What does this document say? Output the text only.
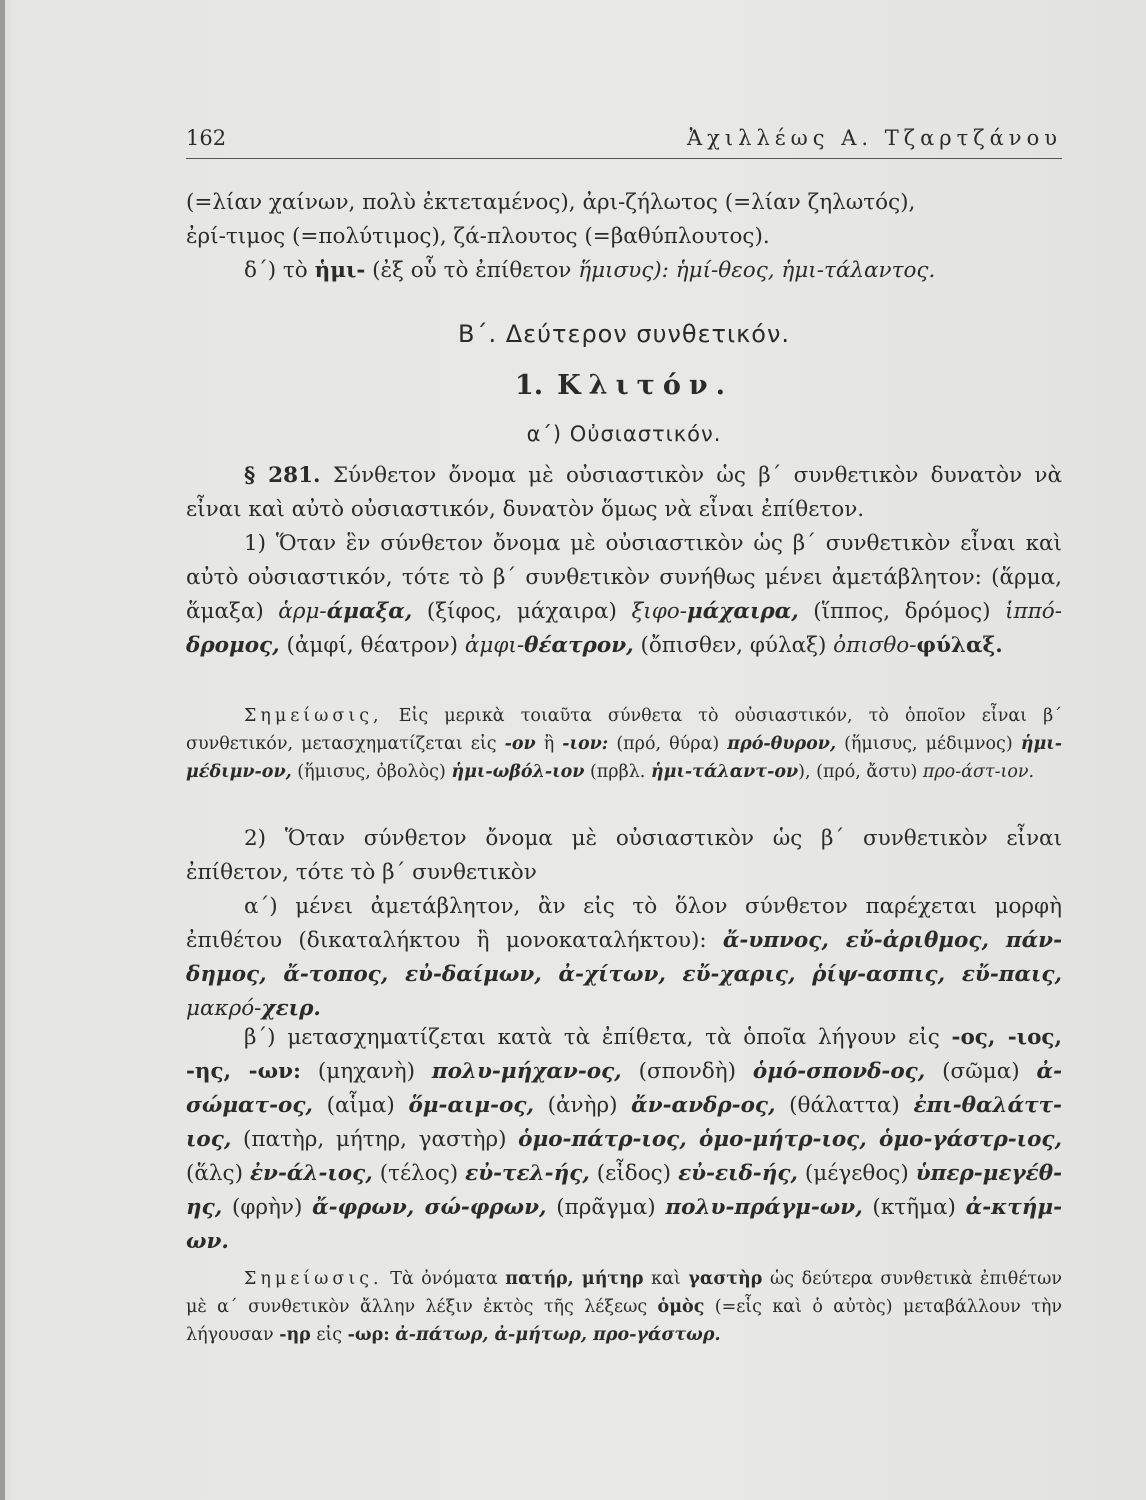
162	Ἀχιλλέως Α. Τζαρτζάνου
(=λίαν χαίνων, πολὺ ἐκτεταμένος), ἀρι-ζήλωτος (=λίαν ζηλωτός),
ἐρί-τιμος (=πολύτιμος), ζά-πλουτος (=βαθύπλουτος).
δ´) τὸ ἡμι- (ἐξ οὗ τὸ ἐπίθετον ἥμισυς): ἡμί-θεος, ἡμι-τάλαντος.
Β´. Δεύτερον συνθετικόν.
1. Κλιτόν.
α´) Οὐσιαστικόν.
§ 281. Σύνθετον ὄνομα μὲ οὐσιαστικὸν ὡς β´ συνθετικὸν δυνατὸν νὰ εἶναι καὶ αὐτὸ οὐσιαστικόν, δυνατὸν ὅμως νὰ εἶναι ἐπίθετον.
1) Ὅταν ἓν σύνθετον ὄνομα μὲ οὐσιαστικὸν ὡς β´ συνθετικὸν εἶναι καὶ αὐτὸ οὐσιαστικόν, τότε τὸ β´ συνθετικὸν συνήθως μένει ἀμετάβλητον: (ἅρμα, ἅμαξα) ἁρμ-άμαξα, (ξίφος, μάχαιρα) ξιφο-μάχαιρα, (ἵππος, δρόμος) ἱππό-δρομος, (ἀμφί, θέατρον) ἀμφι-θέατρον, (ὄπισθεν, φύλαξ) ὀπισθο-φύλαξ.
Σημείωσις, Εἰς μερικὰ τοιαῦτα σύνθετα τὸ οὐσιαστικόν, τὸ ὁποῖον εἶναι β´ συνθετικόν, μετασχηματίζεται εἰς -ον ἢ -ιον: (πρό, θύρα) πρό-θυρον, (ἥμισυς, μέδιμνος) ἡμι-μέδιμν-ον, (ἥμισυς, ὀβολὸς) ἡμι-ωβόλ-ιον (πρβλ. ἡμι-τάλαντ-ον), (πρό, ἄστυ) προ-άστ-ιον.
2) Ὅταν σύνθετον ὄνομα μὲ οὐσιαστικὸν ὡς β´ συνθετικὸν εἶναι ἐπίθετον, τότε τὸ β´ συνθετικὸν
α´) μένει ἀμετάβλητον, ἂν εἰς τὸ ὅλον σύνθετον παρέχεται μορφὴ ἐπιθέτου (δικαταλήκτου ἢ μονοκαταλήκτου): ἄ-υπνος, εὔ-ἀριθμος, πάν-δημος, ἄ-τοπος, εὐ-δαίμων, ἀ-χίτων, εὔ-χαρις, ῥίψ-ασπις, εὔ-παις, μακρό-χειρ.
β´) μετασχηματίζεται κατὰ τὰ ἐπίθετα, τὰ ὁποῖα λήγουν εἰς -ος, -ιος, -ης, -ων: (μηχανὴ) πολυ-μήχαν-ος, (σπονδὴ) ὁμό-σπονδ-ος, (σῶμα) ἀ-σώματ-ος, (αἷμα) ὅμ-αιμ-ος, (ἀνὴρ) ἄν-ανδρ-ος, (θάλαττα) ἐπι-θαλάττ-ιος, (πατὴρ, μήτηρ, γαστὴρ) ὁμο-πάτρ-ιος, ὁμο-μήτρ-ιος, ὁμο-γάστρ-ιος, (ἅλς) ἐν-άλ-ιος, (τέλος) εὐ-τελ-ής, (εἶδος) εὐ-ειδ-ής, (μέγεθος) ὑπερ-μεγέθ-ης, (φρὴν) ἄ-φρων, σώ-φρων, (πρᾶγμα) πολυ-πράγμ-ων, (κτῆμα) ἀ-κτήμ-ων.
Σημείωσις. Τὰ ὀνόματα πατήρ, μήτηρ καὶ γαστὴρ ὡς δεύτερα συνθετικὰ ἐπιθέτων μὲ α´ συνθετικὸν ἄλλην λέξιν ἐκτὸς τῆς λέξεως ὁμὸς (=εἷς καὶ ὁ αὐτὸς) μεταβάλλουν τὴν λήγουσαν -ηρ εἰς -ωρ: ἀ-πάτωρ, ἀ-μήτωρ, προ-γάστωρ.
